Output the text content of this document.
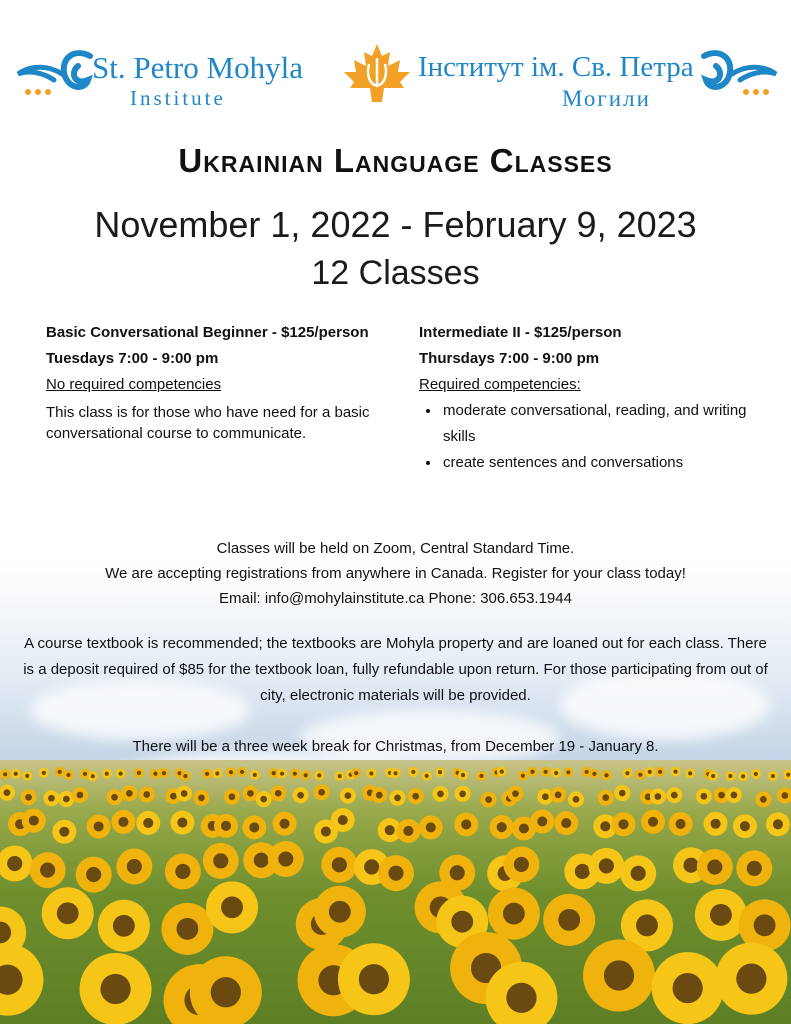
St. Petro Mohyla
Institute
Інститут ім. Св. Петра
Могили
Ukrainian Language Classes
November 1, 2022 - February 9, 2023
12 Classes

Basic Conversational Beginner - $125/person

Tuesdays 7:00 - 9:00 pm

No required competencies

This class is for those who have need for a basic conversational course to communicate.

Intermediate II - $125/person

Thursdays 7:00 - 9:00 pm

Required competencies:

• moderate conversational, reading, and writing skills
• create sentences and conversations
Classes will be held on Zoom, Central Standard Time.
We are accepting registrations from anywhere in Canada. Register for your class today!
Email: info@mohylainstitute.ca Phone: 306.653.1944
A course textbook is recommended; the textbooks are Mohyla property and are loaned out for each class. There is a deposit required of $85 for the textbook loan, fully refundable upon return. For those participating from out of city, electronic materials will be provided.
There will be a three week break for Christmas, from December 19 - January 8.
